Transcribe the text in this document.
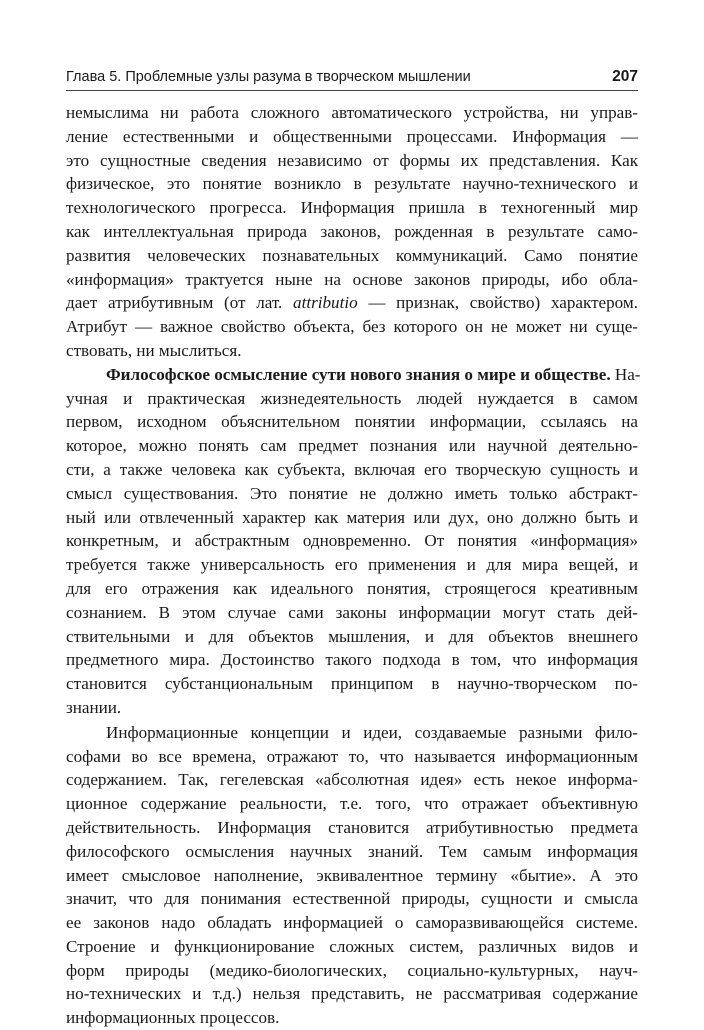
Глава 5. Проблемные узлы разума в творческом мышлении	207
немыслима ни работа сложного автоматического устройства, ни управ-
ление естественными и общественными процессами. Информация —
это сущностные сведения независимо от формы их представления. Как
физическое, это понятие возникло в результате научно-технического и
технологического прогресса. Информация пришла в техногенный мир
как интеллектуальная природа законов, рожденная в результате само-
развития человеческих познавательных коммуникаций. Само понятие
«информация» трактуется ныне на основе законов природы, ибо обла-
дает атрибутивным (от лат. attributio — признак, свойство) характером.
Атрибут — важное свойство объекта, без которого он не может ни суще-
ствовать, ни мыслиться.
Философское осмысление сути нового знания о мире и обществе. На-
учная и практическая жизнедеятельность людей нуждается в самом
первом, исходном объяснительном понятии информации, ссылаясь на
которое, можно понять сам предмет познания или научной деятельно-
сти, а также человека как субъекта, включая его творческую сущность и
смысл существования. Это понятие не должно иметь только абстракт-
ный или отвлеченный характер как материя или дух, оно должно быть и
конкретным, и абстрактным одновременно. От понятия «информация»
требуется также универсальность его применения и для мира вещей, и
для его отражения как идеального понятия, строящегося креативным
сознанием. В этом случае сами законы информации могут стать дей-
ствительными и для объектов мышления, и для объектов внешнего
предметного мира. Достоинство такого подхода в том, что информация
становится субстанциональным принципом в научно-творческом по-
знании.
Информационные концепции и идеи, создаваемые разными фило-
софами во все времена, отражают то, что называется информационным
содержанием. Так, гегелевская «абсолютная идея» есть некое информа-
ционное содержание реальности, т.е. того, что отражает объективную
действительность. Информация становится атрибутивностью предмета
философского осмысления научных знаний. Тем самым информация
имеет смысловое наполнение, эквивалентное термину «бытие». А это
значит, что для понимания естественной природы, сущности и смысла
ее законов надо обладать информацией о саморазвивающейся системе.
Строение и функционирование сложных систем, различных видов и
форм природы (медико-биологических, социально-культурных, науч-
но-технических и т.д.) нельзя представить, не рассматривая содержание
информационных процессов.
